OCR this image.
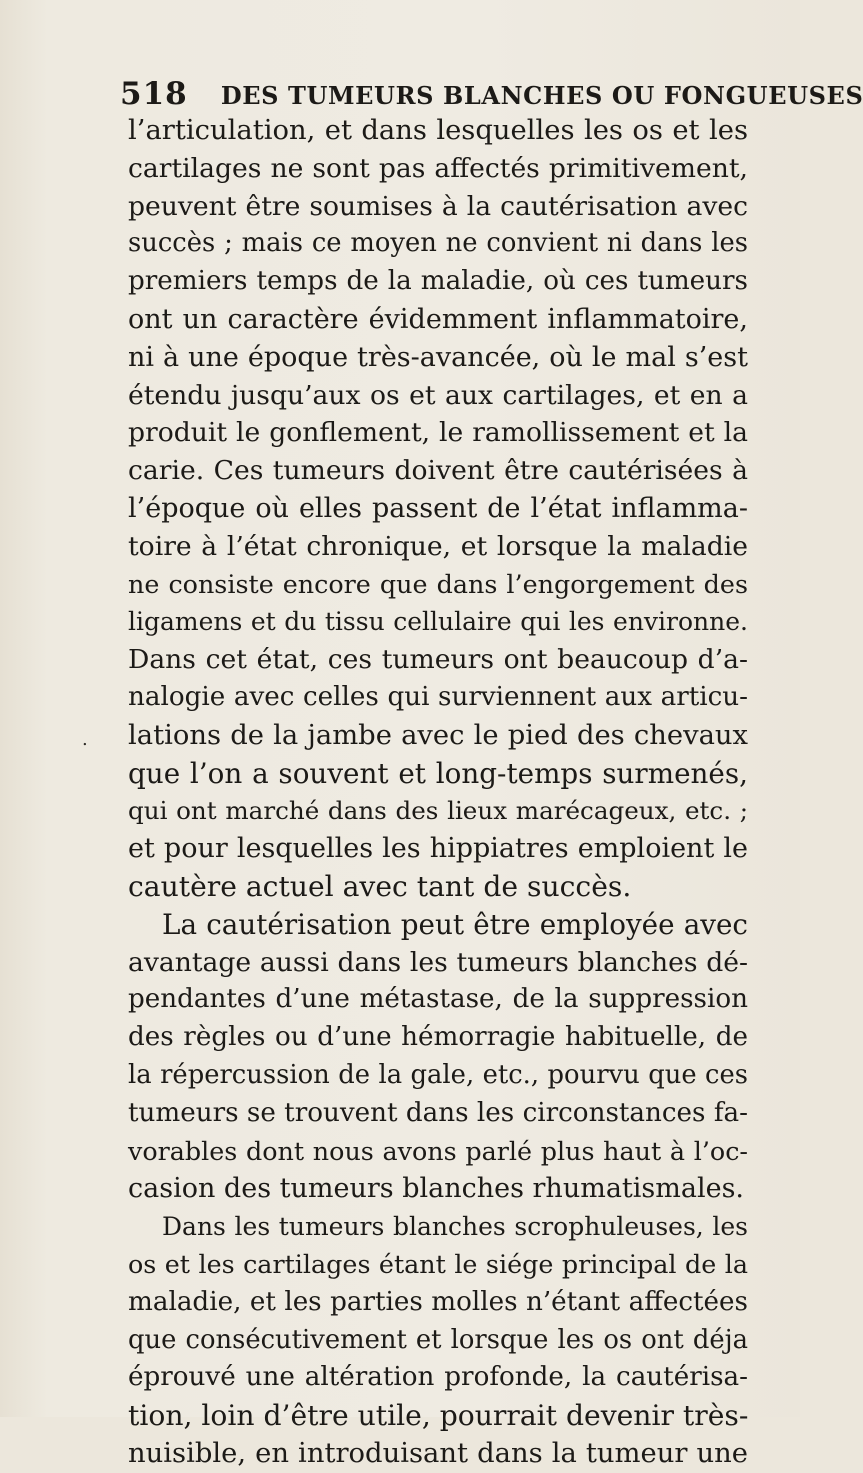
518 DES TUMEURS BLANCHES OU FONGUEUSES
.
l’articulation, et dans lesquelles les os et les
cartilages ne sont pas affectés primitivement,
peuvent être soumises à la cautérisation avec
succès ; mais ce moyen ne convient ni dans les
premiers temps de la maladie, où ces tumeurs
ont un caractère évidemment inflammatoire,
ni à une époque très-avancée, où le mal s’est
étendu jusqu’aux os et aux cartilages, et en a
produit le gonflement, le ramollissement et la
carie. Ces tumeurs doivent être cautérisées à
l’époque où elles passent de l’état inflamma-
toire à l’état chronique, et lorsque la maladie
ne consiste encore que dans l’engorgement des
ligamens et du tissu cellulaire qui les environne.
Dans cet état, ces tumeurs ont beaucoup d’a-
nalogie avec celles qui surviennent aux articu-
lations de la jambe avec le pied des chevaux
que l’on a souvent et long-temps surmenés,
qui ont marché dans des lieux marécageux, etc. ;
et pour lesquelles les hippiatres emploient le
cautère actuel avec tant de succès.
La cautérisation peut être employée avec
avantage aussi dans les tumeurs blanches dé-
pendantes d’une métastase, de la suppression
des règles ou d’une hémorragie habituelle, de
la répercussion de la gale, etc., pourvu que ces
tumeurs se trouvent dans les circonstances fa-
vorables dont nous avons parlé plus haut à l’oc-
casion des tumeurs blanches rhumatismales.
Dans les tumeurs blanches scrophuleuses, les
os et les cartilages étant le siége principal de la
maladie, et les parties molles n’étant affectées
que consécutivement et lorsque les os ont déja
éprouvé une altération profonde, la cautérisa-
tion, loin d’être utile, pourrait devenir très-
nuisible, en introduisant dans la tumeur une
